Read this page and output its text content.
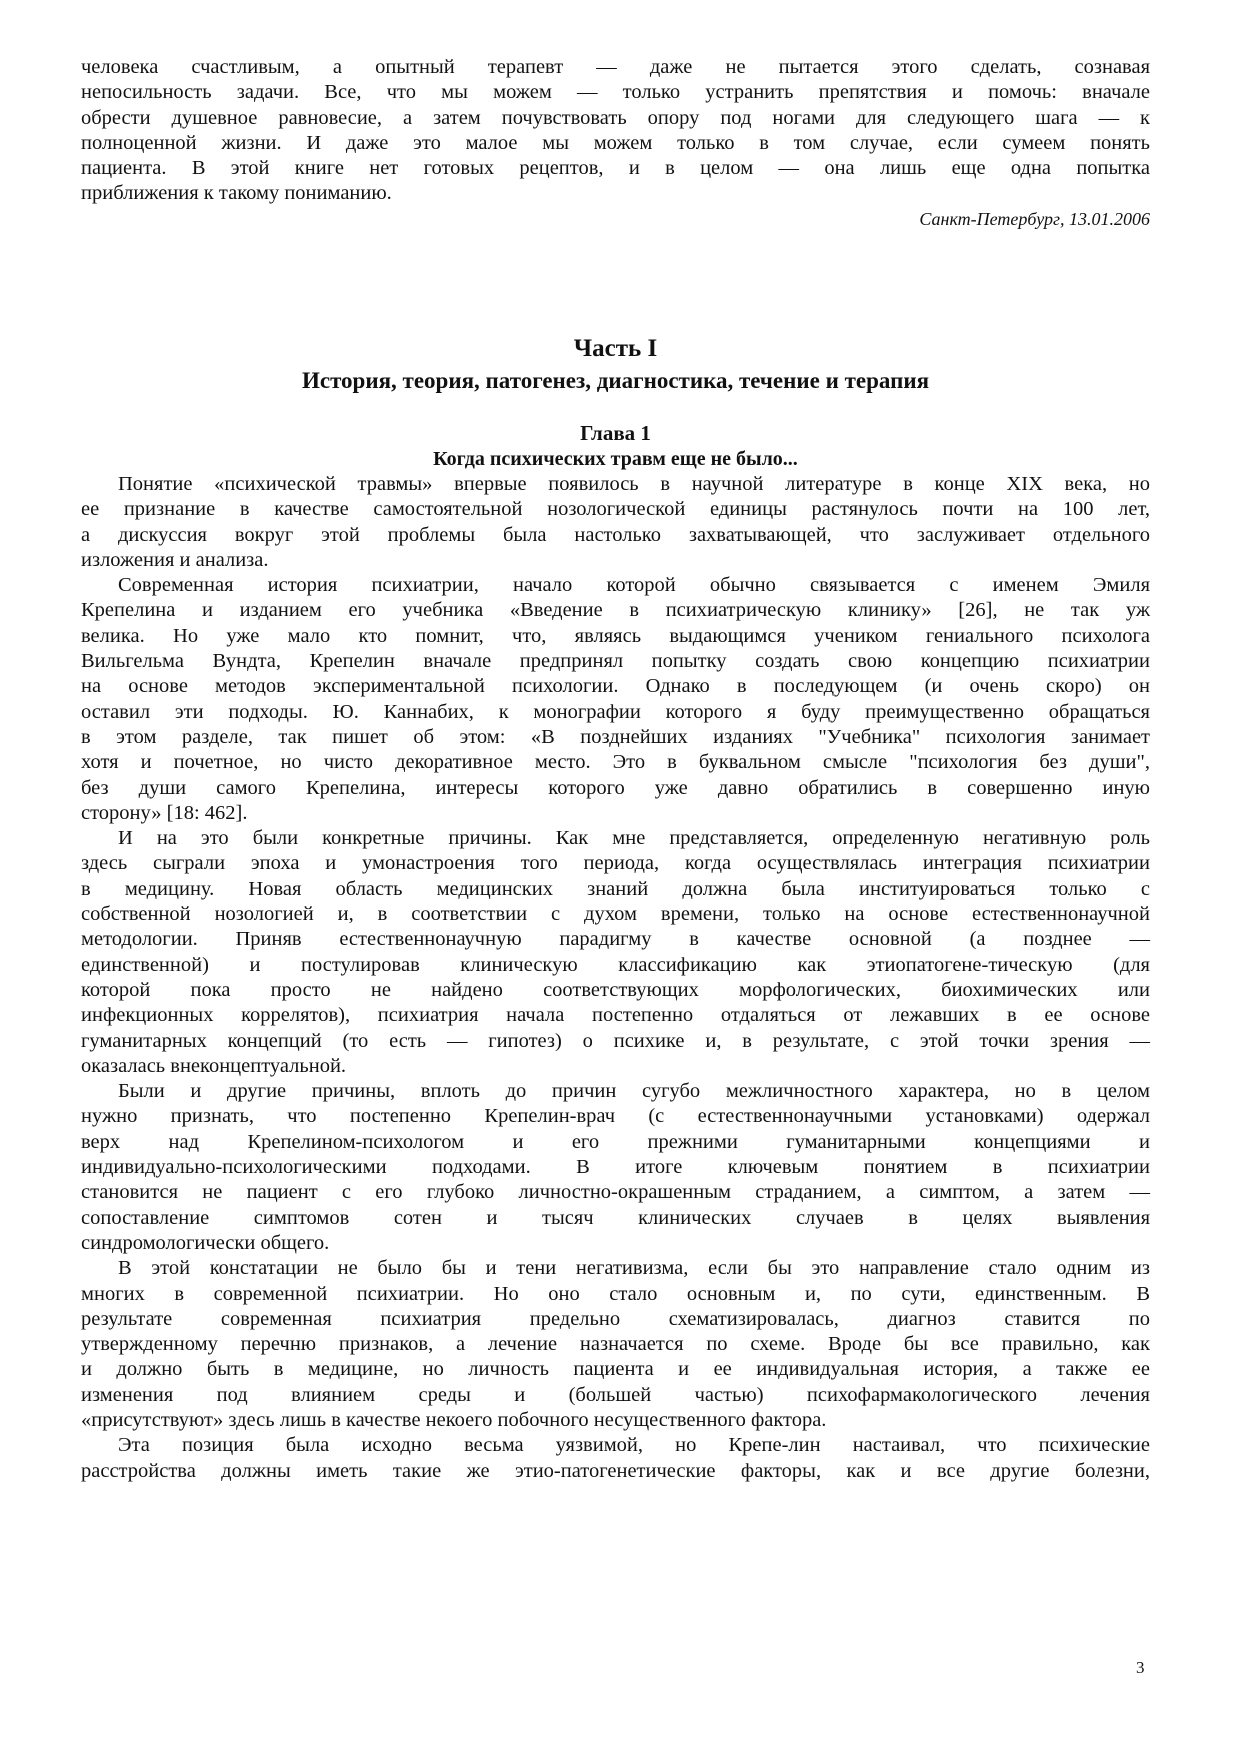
человека счастливым, а опытный терапевт — даже не пытается этого сделать, сознавая
непосильность задачи. Все, что мы можем — только устранить препятствия и помочь: вначале
обрести душевное равновесие, а затем почувствовать опору под ногами для следующего шага — к
полноценной жизни. И даже это малое мы можем только в том случае, если сумеем понять
пациента. В этой книге нет готовых рецептов, и в целом — она лишь еще одна попытка
приближения к такому пониманию.
Санкт-Петербург, 13.01.2006
Часть I
История, теория, патогенез, диагностика, течение и терапия
Глава 1
Когда психических травм еще не было...
Понятие «психической травмы» впервые появилось в научной литературе в конце XIX века, но
ее признание в качестве самостоятельной нозологической единицы растянулось почти на 100 лет,
а дискуссия вокруг этой проблемы была настолько захватывающей, что заслуживает отдельного
изложения и анализа.
Современная история психиатрии, начало которой обычно связывается с именем Эмиля
Крепелина и изданием его учебника «Введение в психиатрическую клинику» [26], не так уж
велика. Но уже мало кто помнит, что, являясь выдающимся учеником гениального психолога
Вильгельма Вундта, Крепелин вначале предпринял попытку создать свою концепцию психиатрии
на основе методов экспериментальной психологии. Однако в последующем (и очень скоро) он
оставил эти подходы. Ю. Каннабих, к монографии которого я буду преимущественно обращаться
в этом разделе, так пишет об этом: «В позднейших изданиях "Учебника" психология занимает
хотя и почетное, но чисто декоративное место. Это в буквальном смысле "психология без души",
без души самого Крепелина, интересы которого уже давно обратились в совершенно иную
сторону» [18: 462].
И на это были конкретные причины. Как мне представляется, определенную негативную роль
здесь сыграли эпоха и умонастроения того периода, когда осуществлялась интеграция психиатрии
в медицину. Новая область медицинских знаний должна была институироваться только с
собственной нозологией и, в соответствии с духом времени, только на основе естественнонаучной
методологии. Приняв естественнонаучную парадигму в качестве основной (а позднее —
единственной) и постулировав клиническую классификацию как этиопатогене-тическую (для
которой пока просто не найдено соответствующих морфологических, биохимических или
инфекционных коррелятов), психиатрия начала постепенно отдаляться от лежавших в ее основе
гуманитарных концепций (то есть — гипотез) о психике и, в результате, с этой точки зрения —
оказалась внеконцептуальной.
Были и другие причины, вплоть до причин сугубо межличностного характера, но в целом
нужно признать, что постепенно Крепелин-врач (с естественнонаучными установками) одержал
верх над Крепелином-психологом и его прежними гуманитарными концепциями и
индивидуально-психологическими подходами. В итоге ключевым понятием в психиатрии
становится не пациент с его глубоко личностно-окрашенным страданием, а симптом, а затем —
сопоставление симптомов сотен и тысяч клинических случаев в целях выявления
синдромологически общего.
В этой констатации не было бы и тени негативизма, если бы это направление стало одним из
многих в современной психиатрии. Но оно стало основным и, по сути, единственным. В
результате современная психиатрия предельно схематизировалась, диагноз ставится по
утвержденному перечню признаков, а лечение назначается по схеме. Вроде бы все правильно, как
и должно быть в медицине, но личность пациента и ее индивидуальная история, а также ее
изменения под влиянием среды и (большей частью) психофармакологического лечения
«присутствуют» здесь лишь в качестве некоего побочного несущественного фактора.
Эта позиция была исходно весьма уязвимой, но Крепе-лин настаивал, что психические
расстройства должны иметь такие же этио-патогенетические факторы, как и все другие болезни,
3
